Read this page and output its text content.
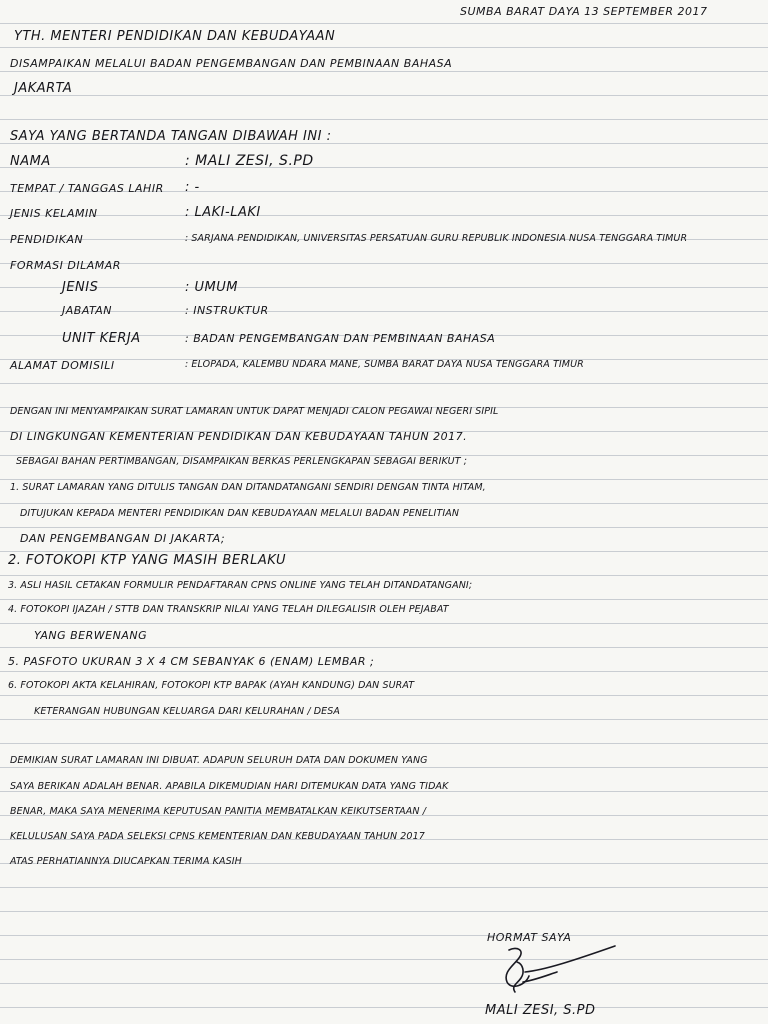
SUMBA BARAT DAYA 13 SEPTEMBER 2017
YTH. MENTERI PENDIDIKAN DAN KEBUDAYAAN
DISAMPAIKAN MELALUI BADAN PENGEMBANGAN DAN PEMBINAAN BAHASA
JAKARTA
SAYA YANG BERTANDA TANGAN DIBAWAH INI :
NAMA	: MALI ZESI, S.PD
TEMPAT / TANGGAS LAHIR : -
JENIS KELAMIN	: LAKI-LAKI
PENDIDIKAN	: SARJANA PENDIDIKAN, UNIVERSITAS PERSATUAN GURU REPUBLIK INDONESIA NUSA TENGGARA TIMUR
FORMASI DILAMAR
JENIS	: UMUM
JABATAN	: INSTRUKTUR
UNIT KERJA	: BADAN PENGEMBANGAN DAN PEMBINAAN BAHASA
ALAMAT DOMISILI	: ELOPADA, KALEMBU NDARA MANE, SUMBA BARAT DAYA NUSA TENGGARA TIMUR
DENGAN INI MENYAMPAIKAN SURAT LAMARAN UNTUK DAPAT MENJADI CALON PEGAWAI NEGERI SIPIL
DI LINGKUNGAN KEMENTERIAN PENDIDIKAN DAN KEBUDAYAAN TAHUN 2017.
SEBAGAI BAHAN PERTIMBANGAN, DISAMPAIKAN BERKAS PERLENGKAPAN SEBAGAI BERIKUT ;
1. SURAT LAMARAN YANG DITULIS TANGAN DAN DITANDATANGANI SENDIRI DENGAN TINTA HITAM,
DITUJUKAN KEPADA MENTERI PENDIDIKAN DAN KEBUDAYAAN MELALUI BADAN PENELITIAN
DAN PENGEMBANGAN DI JAKARTA;
2. FOTOKOPI KTP YANG MASIH BERLAKU
3. ASLI HASIL CETAKAN FORMULIR PENDAFTARAN CPNS ONLINE YANG TELAH DITANDATANGANI;
4. FOTOKOPI IJAZAH / STTB DAN TRANSKRIP NILAI YANG TELAH DILEGALISIR OLEH PEJABAT
YANG BERWENANG
5. PASFOTO UKURAN 3 X 4 CM SEBANYAK 6 (ENAM) LEMBAR ;
6. FOTOKOPI AKTA KELAHIRAN, FOTOKOPI KTP BAPAK (AYAH KANDUNG) DAN SURAT
KETERANGAN HUBUNGAN KELUARGA DARI KELURAHAN / DESA
DEMIKIAN SURAT LAMARAN INI DIBUAT. ADAPUN SELURUH DATA DAN DOKUMEN YANG
SAYA BERIKAN ADALAH BENAR. APABILA DIKEMUDIAN HARI DITEMUKAN DATA YANG TIDAK
BENAR, MAKA SAYA MENERIMA KEPUTUSAN PANITIA MEMBATALKAN KEIKUTSERTAAN /
KELULUSAN SAYA PADA SELEKSI CPNS KEMENTERIAN DAN KEBUDAYAAN TAHUN 2017
ATAS PERHATIANNYA DIUCAPKAN TERIMA KASIH
HORMAT SAYA
MALI ZESI, S.PD
